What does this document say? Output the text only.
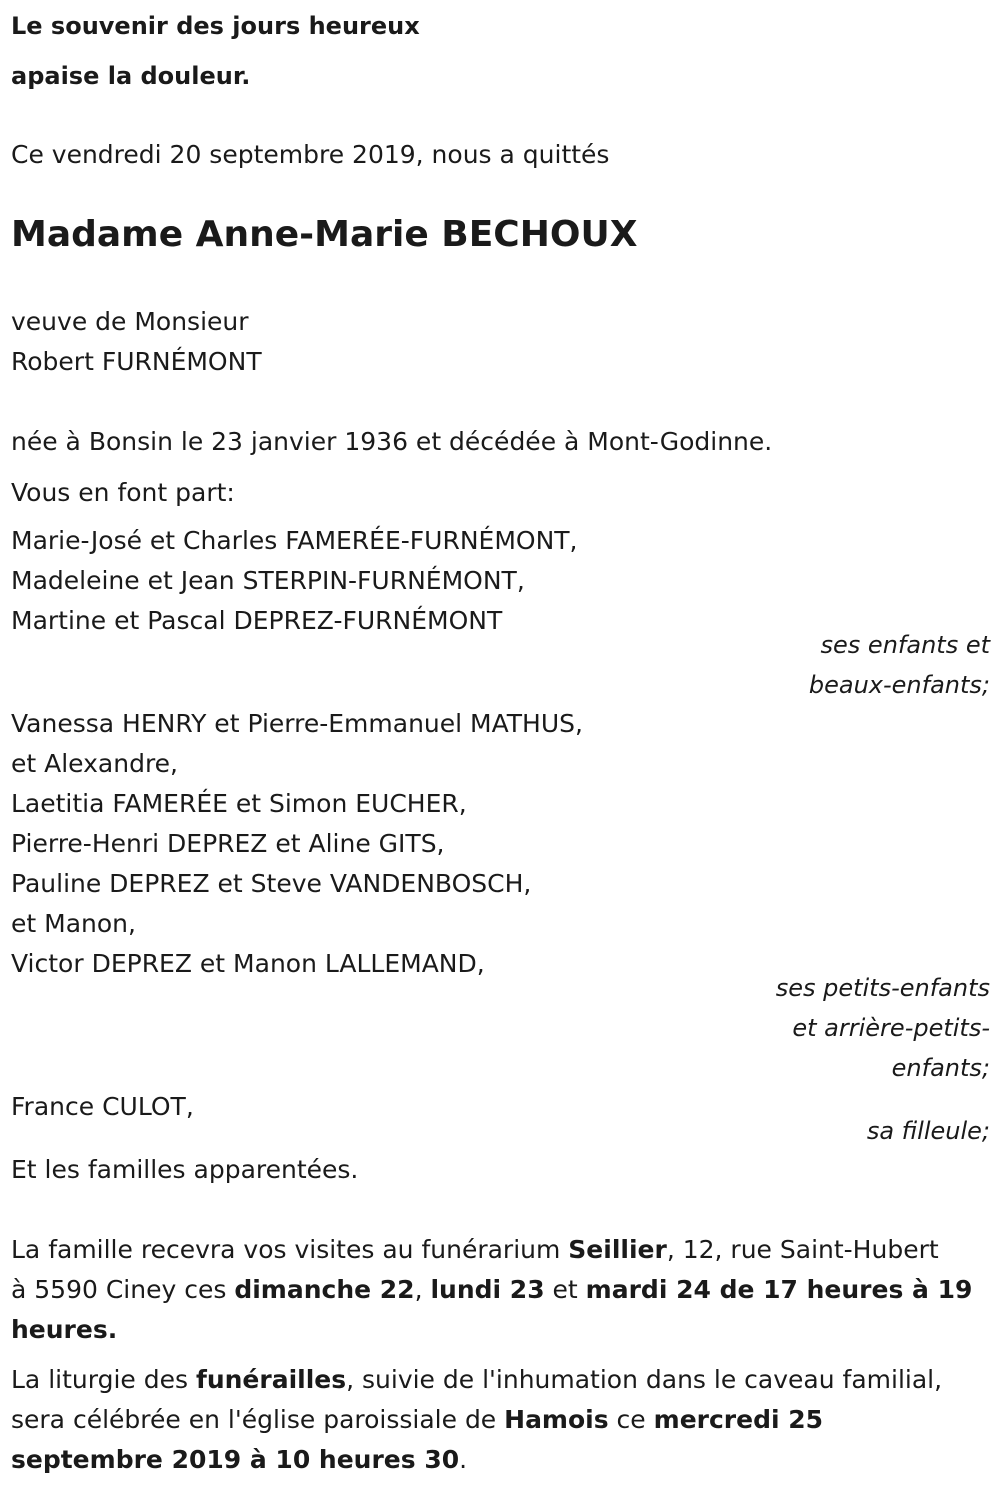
Le souvenir des jours heureux
apaise la douleur.
Ce vendredi 20 septembre 2019, nous a quittés
Madame Anne-Marie BECHOUX
veuve de Monsieur
Robert FURNÉMONT
née à Bonsin le 23 janvier 1936 et décédée à Mont-Godinne.
Vous en font part:
Marie-José et Charles FAMERÉE-FURNÉMONT,
Madeleine et Jean STERPIN-FURNÉMONT,
Martine et Pascal DEPREZ-FURNÉMONT
ses enfants et
beaux-enfants;
Vanessa HENRY et Pierre-Emmanuel MATHUS,
et Alexandre,
Laetitia FAMERÉE et Simon EUCHER,
Pierre-Henri DEPREZ et Aline GITS,
Pauline DEPREZ et Steve VANDENBOSCH,
et Manon,
Victor DEPREZ et Manon LALLEMAND,
ses petits-enfants
et arrière-petits-
enfants;
France CULOT,
sa filleule;
Et les familles apparentées.
La famille recevra vos visites au funérarium Seillier, 12, rue Saint-Hubert
à 5590 Ciney ces dimanche 22, lundi 23 et mardi 24 de 17 heures à 19
heures.
La liturgie des funérailles, suivie de l'inhumation dans le caveau familial,
sera célébrée en l'église paroissiale de Hamois ce mercredi 25
septembre 2019 à 10 heures 30.
